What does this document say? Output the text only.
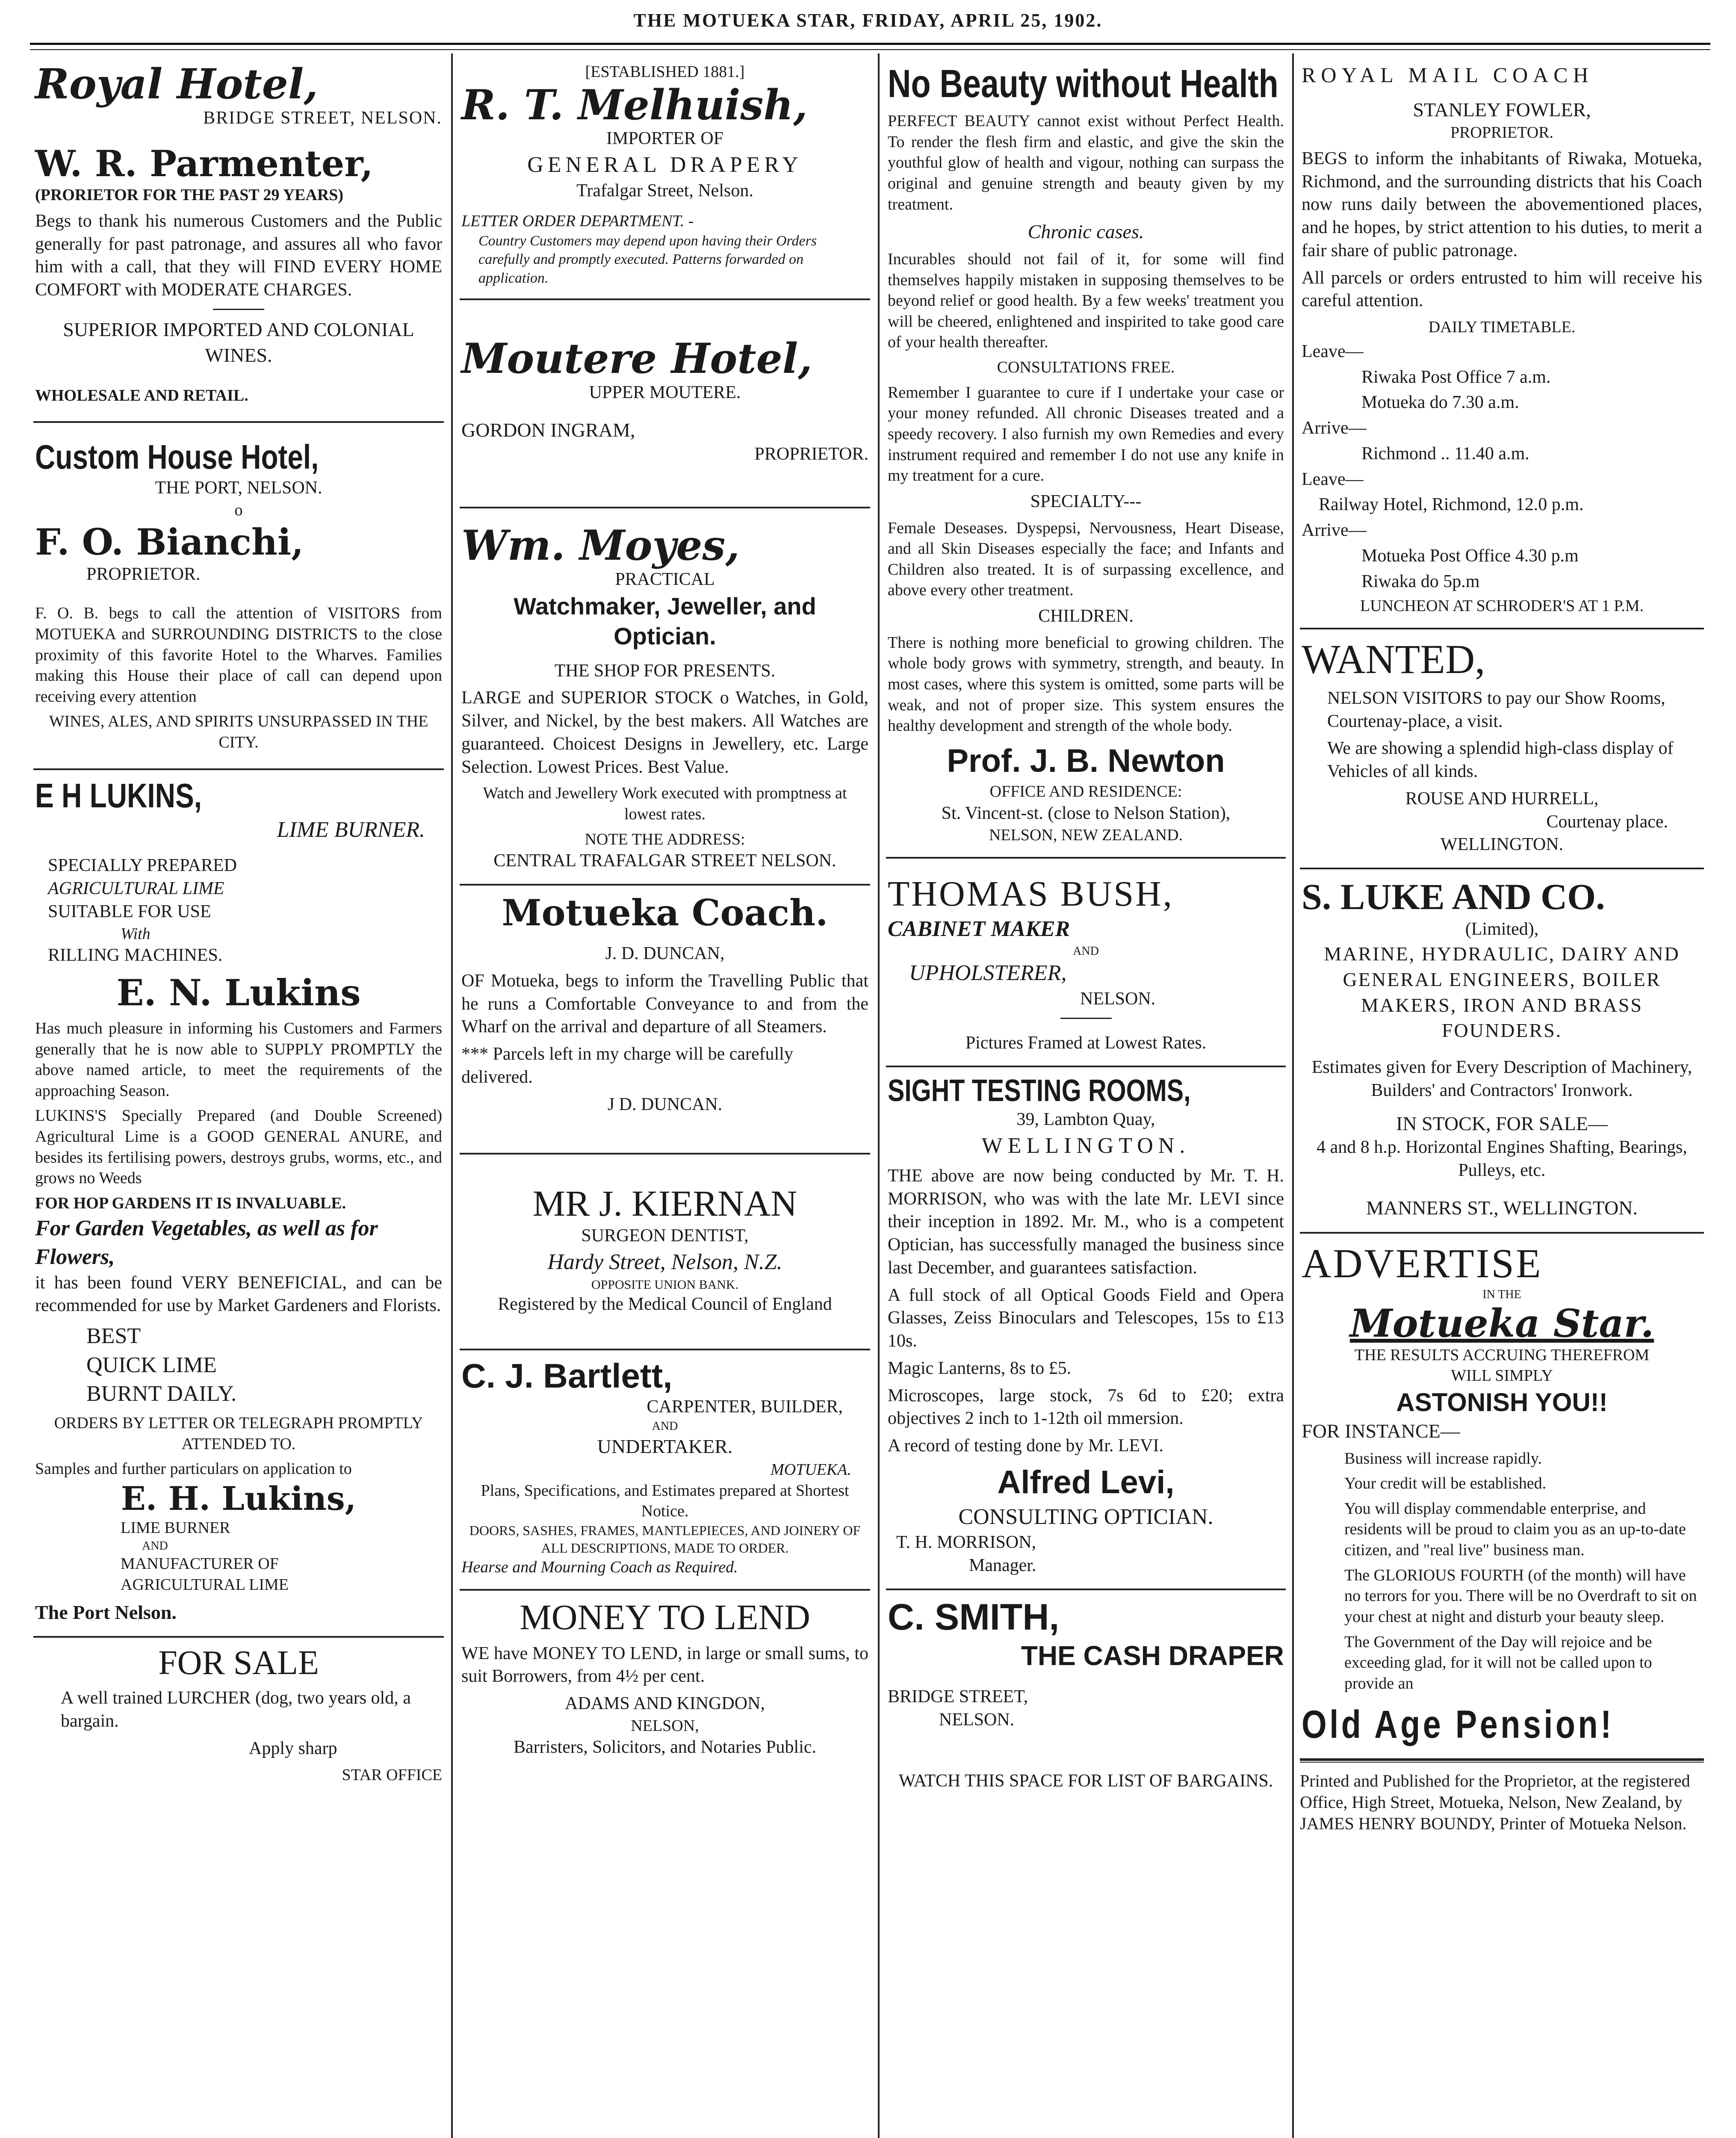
THE MOTUEKA STAR, FRIDAY, APRIL 25, 1902.
Royal Hotel,
BRIDGE STREET, NELSON.
W. R. Parmenter,
(PRORIETOR FOR THE PAST 29 YEARS)

Begs to thank his numerous Customers and the Public generally for past patronage, and assures all who favor him with a call, that they will FIND EVERY HOME COMFORT with MODERATE CHARGES.

SUPERIOR IMPORTED AND COLONIAL WINES.

WHOLESALE AND RETAIL.

Custom House Hotel,
THE PORT, NELSON.
o
F. O. Bianchi,
PROPRIETOR.

F. O. B. begs to call the attention of VISITORS from MOTUEKA and SURROUNDING DISTRICTS to the close proximity of this favorite Hotel to the Wharves. Families making this House their place of call can depend upon receiving every attention

WINES, ALES, AND SPIRITS UNSURPASSED IN THE CITY.

E H LUKINS,
LIME BURNER.
SPECIALLY PREPARED
AGRICULTURAL LIME
SUITABLE FOR USE
With
RILLING MACHINES.
E. N. Lukins

Has much pleasure in informing his Customers and Farmers generally that he is now able to SUPPLY PROMPTLY the above named article, to meet the requirements of the approaching Season.

LUKINS'S Specially Prepared (and Double Screened) Agricultural Lime is a GOOD GENERAL ANURE, and besides its fertilising powers, destroys grubs, worms, etc., and grows no Weeds

FOR HOP GARDENS IT IS INVALUABLE.
For Garden Vegetables, as well as for Flowers,
it has been found VERY BENEFICIAL, and can be recommended for use by Market Gardeners and Florists.
BEST
QUICK LIME
BURNT DAILY.
ORDERS BY LETTER OR TELEGRAPH PROMPTLY ATTENDED TO.
Samples and further particulars on application to
E. H. Lukins,
LIME BURNER
AND
MANUFACTURER OF
AGRICULTURAL LIME
The Port Nelson.
FOR SALE

A well trained LURCHER (dog, two years old, a bargain.

Apply sharp
STAR OFFICE
[ESTABLISHED 1881.]
R. T. Melhuish,
IMPORTER OF
GENERAL DRAPERY
Trafalgar Street, Nelson.
LETTER ORDER DEPARTMENT. -
Country Customers may depend upon having their Orders carefully and promptly executed. Patterns forwarded on application.
Moutere Hotel,
UPPER MOUTERE.
GORDON INGRAM,
PROPRIETOR.
Wm. Moyes,
PRACTICAL
Watchmaker, Jeweller, and Optician.

THE SHOP FOR PRESENTS.

LARGE and SUPERIOR STOCK o Watches, in Gold, Silver, and Nickel, by the best makers. All Watches are guaranteed. Choicest Designs in Jewellery, etc. Large Selection. Lowest Prices. Best Value.

Watch and Jewellery Work executed with promptness at lowest rates.

NOTE THE ADDRESS:
CENTRAL TRAFALGAR STREET NELSON.
Motueka Coach.
J. D. DUNCAN,

OF Motueka, begs to inform the Travelling Public that he runs a Comfortable Conveyance to and from the Wharf on the arrival and departure of all Steamers.

*** Parcels left in my charge will be carefully delivered.

J D. DUNCAN.
MR J. KIERNAN
SURGEON DENTIST,
Hardy Street, Nelson, N.Z.
OPPOSITE UNION BANK.
Registered by the Medical Council of England
C. J. Bartlett,
CARPENTER, BUILDER,
AND
UNDERTAKER.
MOTUEKA.
Plans, Specifications, and Estimates prepared at Shortest Notice.
DOORS, SASHES, FRAMES, MANTLEPIECES, AND JOINERY OF ALL DESCRIPTIONS, MADE TO ORDER.
Hearse and Mourning Coach as Required.
MONEY TO LEND

WE have MONEY TO LEND, in large or small sums, to suit Borrowers, from 4½ per cent.

ADAMS AND KINGDON,
NELSON,
Barristers, Solicitors, and Notaries Public.
No Beauty without Health

PERFECT BEAUTY cannot exist without Perfect Health. To render the flesh firm and elastic, and give the skin the youthful glow of health and vigour, nothing can surpass the original and genuine strength and beauty given by my treatment.

Chronic cases.

Incurables should not fail of it, for some will find themselves happily mistaken in supposing themselves to be beyond relief or good health. By a few weeks' treatment you will be cheered, enlightened and inspirited to take good care of your health thereafter.

CONSULTATIONS FREE.

Remember I guarantee to cure if I undertake your case or your money refunded. All chronic Diseases treated and a speedy recovery. I also furnish my own Remedies and every instrument required and remember I do not use any knife in my treatment for a cure.

SPECIALTY---

Female Deseases. Dyspepsi, Nervousness, Heart Disease, and all Skin Diseases especially the face; and Infants and Children also treated. It is of surpassing excellence, and above every other treatment.

CHILDREN.

There is nothing more beneficial to growing children. The whole body grows with symmetry, strength, and beauty. In most cases, where this system is omitted, some parts will be weak, and not of proper size. This system ensures the healthy development and strength of the whole body.

Prof. J. B. Newton
OFFICE AND RESIDENCE:
St. Vincent-st. (close to Nelson Station),
NELSON, NEW ZEALAND.
THOMAS BUSH,
CABINET MAKER
AND
UPHOLSTERER,
NELSON.
Pictures Framed at Lowest Rates.
SIGHT TESTING ROOMS,
39, Lambton Quay,
WELLINGTON.

THE above are now being conducted by Mr. T. H. MORRISON, who was with the late Mr. LEVI since their inception in 1892. Mr. M., who is a competent Optician, has successfully managed the business since last December, and guarantees satisfaction.

A full stock of all Optical Goods Field and Opera Glasses, Zeiss Binoculars and Telescopes, 15s to £13 10s.

Magic Lanterns, 8s to £5.

Microscopes, large stock, 7s 6d to £20; extra objectives 2 inch to 1-12th oil mmersion.

A record of testing done by Mr. LEVI.

Alfred Levi,
CONSULTING OPTICIAN.
T. H. MORRISON,
Manager.
C. SMITH,
THE CASH DRAPER
BRIDGE STREET,
NELSON.
WATCH THIS SPACE FOR LIST OF BARGAINS.
ROYAL MAIL COACH
STANLEY FOWLER,
PROPRIETOR.

BEGS to inform the inhabitants of Riwaka, Motueka, Richmond, and the surrounding districts that his Coach now runs daily between the abovementioned places, and he hopes, by strict attention to his duties, to merit a fair share of public patronage.

All parcels or orders entrusted to him will receive his careful attention.

DAILY TIMETABLE.

Leave—

Riwaka Post Office 7 a.m.

Motueka do 7.30 a.m.

Arrive—

Richmond .. 11.40 a.m.

Leave—

Railway Hotel, Richmond, 12.0 p.m.

Arrive—

Motueka Post Office 4.30 p.m

Riwaka do 5p.m

LUNCHEON AT SCHRODER'S AT 1 P.M.
WANTED,

NELSON VISITORS to pay our Show Rooms, Courtenay-place, a visit.

We are showing a splendid high-class display of Vehicles of all kinds.

ROUSE AND HURRELL,
Courtenay place.
WELLINGTON.
S. LUKE AND CO.
(Limited),
MARINE, HYDRAULIC, DAIRY AND GENERAL ENGINEERS, BOILER MAKERS, IRON AND BRASS FOUNDERS.

Estimates given for Every Description of Machinery, Builders' and Contractors' Ironwork.

IN STOCK, FOR SALE—
4 and 8 h.p. Horizontal Engines Shafting, Bearings, Pulleys, etc.
MANNERS ST., WELLINGTON.
ADVERTISE
IN THE
Motueka Star.
THE RESULTS ACCRUING THEREFROM
WILL SIMPLY
ASTONISH YOU!!
FOR INSTANCE—

Business will increase rapidly.

Your credit will be established.

You will display commendable enterprise, and residents will be proud to claim you as an up-to-date citizen, and "real live" business man.

The GLORIOUS FOURTH (of the month) will have no terrors for you. There will be no Overdraft to sit on your chest at night and disturb your beauty sleep.

The Government of the Day will rejoice and be exceeding glad, for it will not be called upon to provide an

Old Age Pension!
Printed and Published for the Proprietor, at the registered Office, High Street, Motueka, Nelson, New Zealand, by JAMES HENRY BOUNDY, Printer of Motueka Nelson.
